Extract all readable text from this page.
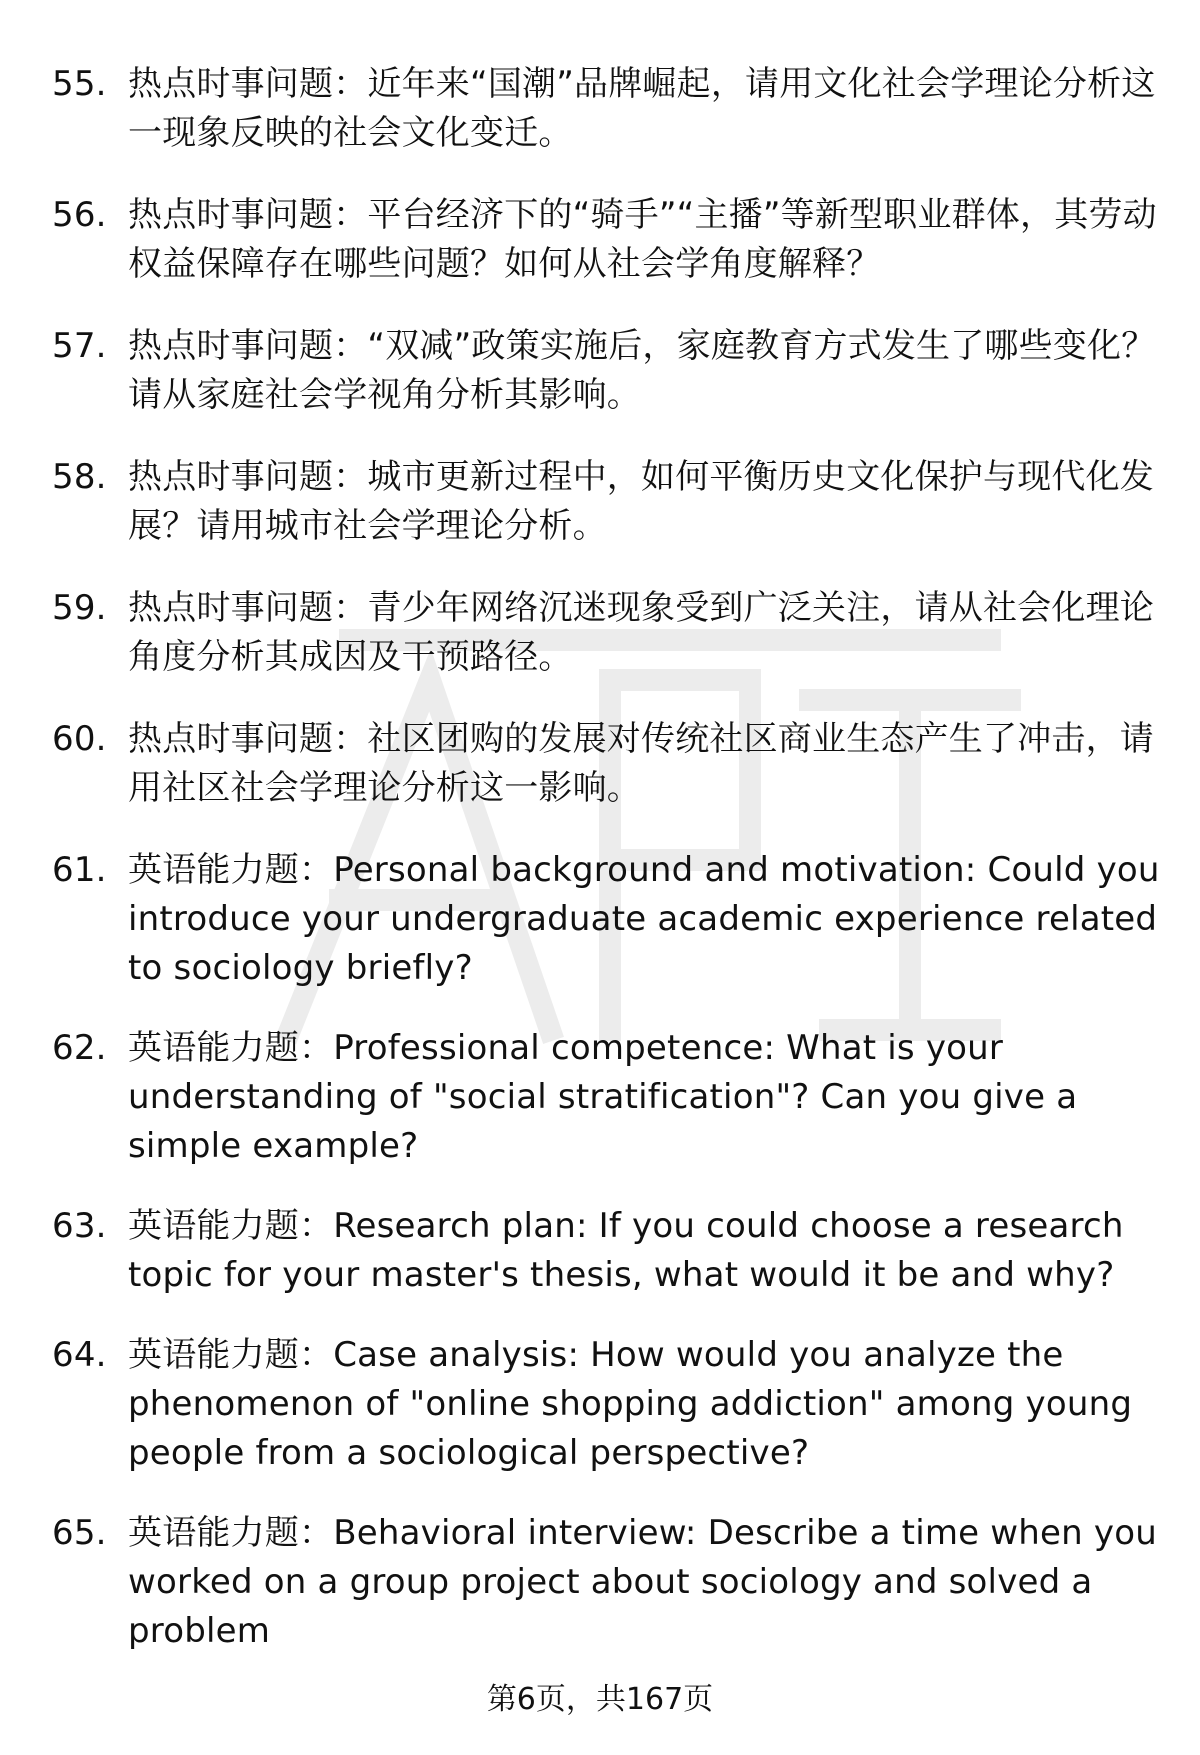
55. 热点时事问题：近年来“国潮”品牌崛起，请用文化社会学理论分析这一现象反映的社会文化变迁。
56. 热点时事问题：平台经济下的“骑手”“主播”等新型职业群体，其劳动权益保障存在哪些问题？如何从社会学角度解释？
57. 热点时事问题：“双减”政策实施后，家庭教育方式发生了哪些变化？请从家庭社会学视角分析其影响。
58. 热点时事问题：城市更新过程中，如何平衡历史文化保护与现代化发展？请用城市社会学理论分析。
59. 热点时事问题：青少年网络沉迷现象受到广泛关注，请从社会化理论角度分析其成因及干预路径。
60. 热点时事问题：社区团购的发展对传统社区商业生态产生了冲击，请用社区社会学理论分析这一影响。
61. 英语能力题：Personal background and motivation: Could you introduce your undergraduate academic experience related to sociology briefly?
62. 英语能力题：Professional competence: What is your understanding of "social stratification"? Can you give a simple example?
63. 英语能力题：Research plan: If you could choose a research topic for your master's thesis, what would it be and why?
64. 英语能力题：Case analysis: How would you analyze the phenomenon of "online shopping addiction" among young people from a sociological perspective?
65. 英语能力题：Behavioral interview: Describe a time when you worked on a group project about sociology and solved a problem
第6页，共167页
